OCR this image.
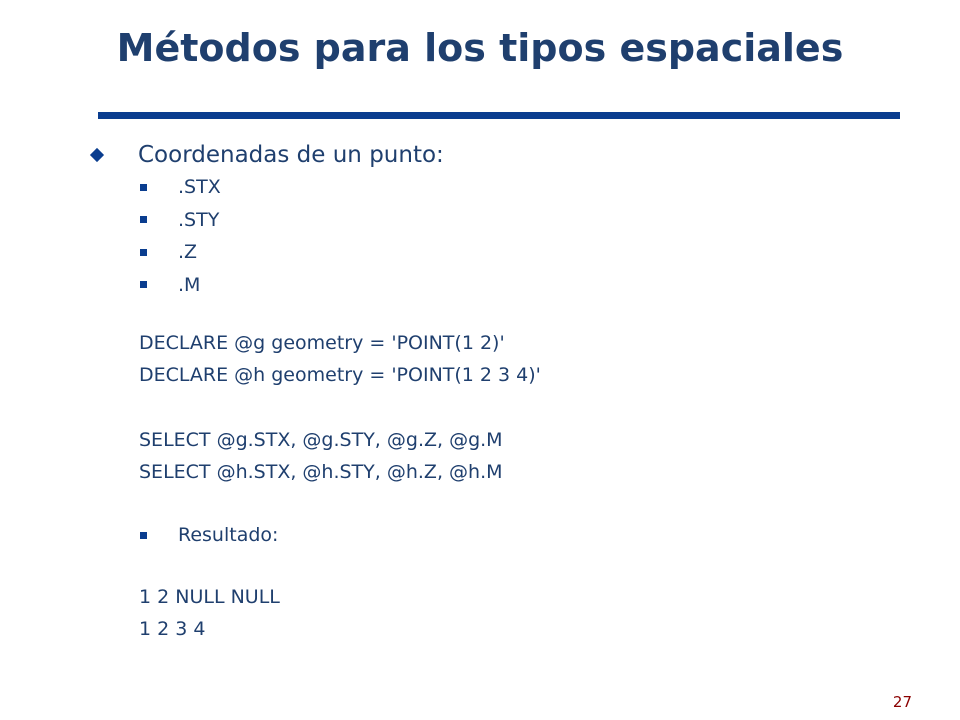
Métodos para los tipos espaciales
Coordenadas de un punto:
.STX
.STY
.Z
.M
DECLARE @g geometry = 'POINT(1 2)'
DECLARE @h geometry = 'POINT(1 2 3 4)'
SELECT @g.STX, @g.STY, @g.Z, @g.M
SELECT @h.STX, @h.STY, @h.Z, @h.M
Resultado:
1 2 NULL NULL
1 2 3 4
27
